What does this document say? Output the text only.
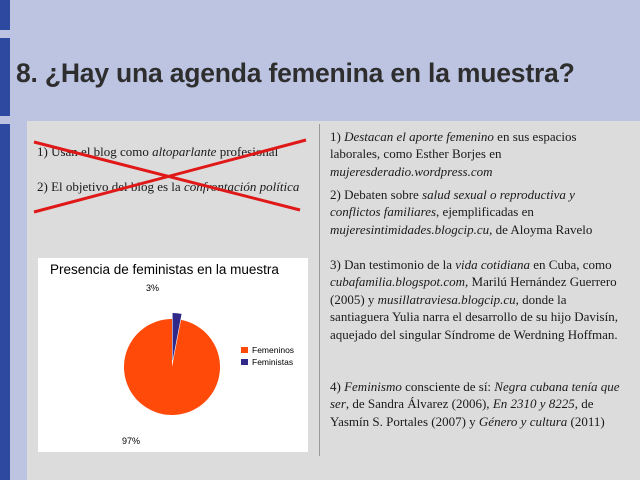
8. ¿Hay una agenda femenina en la muestra?
1) Usan el blog como altoparlante profesional
2) El objetivo del blog es la confrontación política
Presencia de feministas en la muestra
3%
97%
Femeninos
Feministas
1) Destacan el aporte femenino en sus espacios laborales, como Esther Borjes en mujeresderadio.wordpress.com
2) Debaten sobre salud sexual o reproductiva y conflictos familiares, ejemplificadas en mujeresintimidades.blogcip.cu, de Aloyma Ravelo
3) Dan testimonio de la vida cotidiana en Cuba, como cubafamilia.blogspot.com, Marilú Hernández Guerrero (2005) y musillatraviesa.blogcip.cu, donde la santiaguera Yulia narra el desarrollo de su hijo Davisín, aquejado del singular Síndrome de Werdning Hoffman.
4) Feminismo consciente de sí: Negra cubana tenía que ser, de Sandra Álvarez (2006), En 2310 y 8225, de Yasmín S. Portales (2007) y Género y cultura (2011)
